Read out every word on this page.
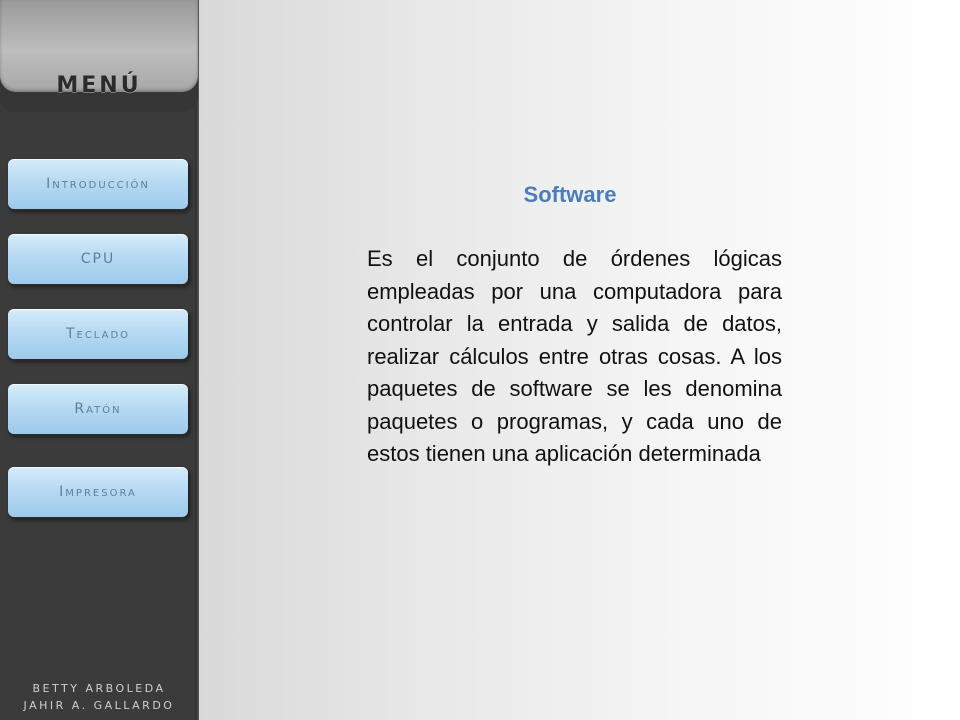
MENÚ
Introducción
CPU
Teclado
Ratón
Impresora
BETTY ARBOLEDA
JAHIR A. GALLARDO
Software
Es el conjunto de órdenes lógicas empleadas por una computadora para controlar la entrada y salida de datos, realizar cálculos entre otras cosas. A los paquetes de software se les denomina paquetes o programas, y cada uno de estos tienen una aplicación determinada
